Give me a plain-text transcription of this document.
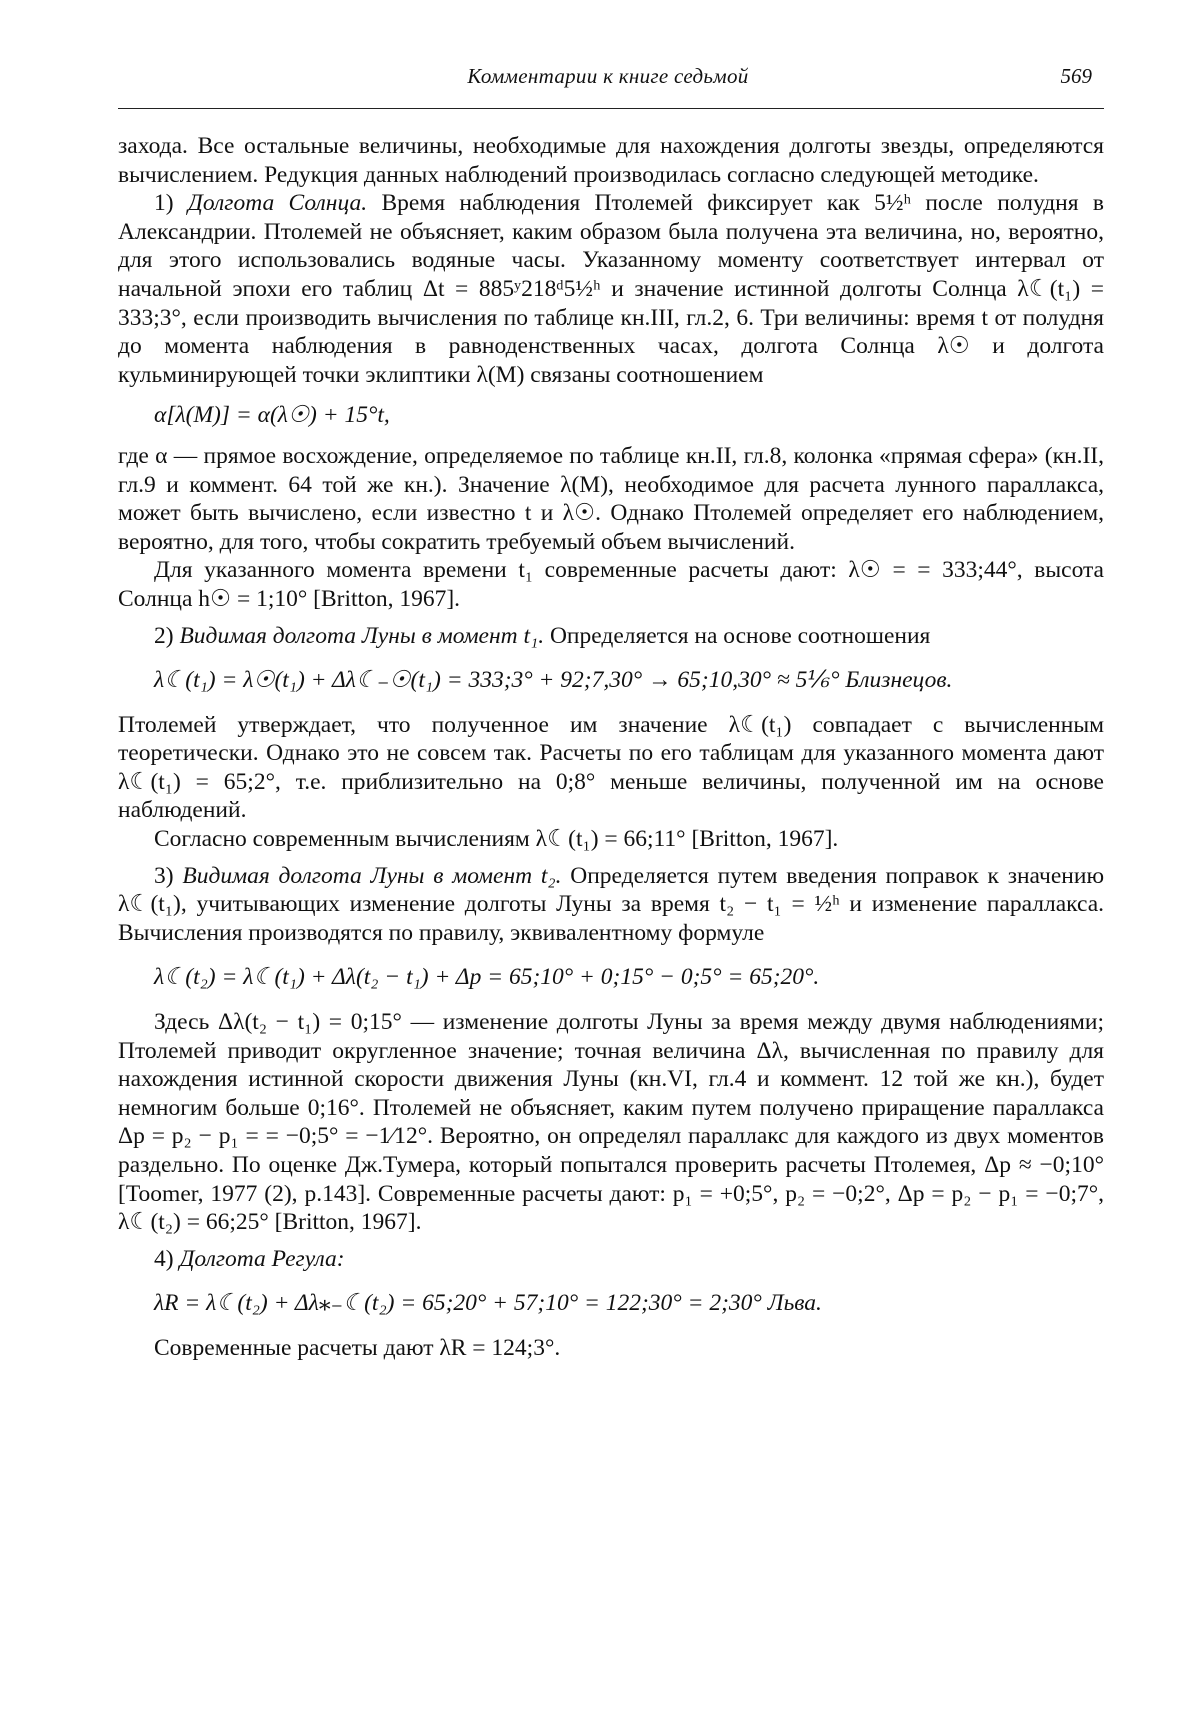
Комментарии к книге седьмой	569

захода. Все остальные величины, необходимые для нахождения долготы звезды, определяются вычислением. Редукция данных наблюдений производилась согласно следующей методике.

1) Долгота Солнца. Время наблюдения Птолемей фиксирует как 5½ʰ после полудня в Александрии. Птолемей не объясняет, каким образом была получена эта величина, но, вероятно, для этого использовались водяные часы. Указанному моменту соответствует интервал от начальной эпохи его таблиц Δt = 885ʸ218ᵈ5½ʰ и значение истинной долготы Солнца λ☾(t₁) = 333;3°, если производить вычисления по таблице кн.III, гл.2, 6. Три величины: время t от полудня до момента наблюдения в равноденственных часах, долгота Солнца λ☉ и долгота кульминирующей точки эклиптики λ(M) связаны соотношением

α[λ(M)] = α(λ☉) + 15°t,

где α — прямое восхождение, определяемое по таблице кн.II, гл.8, колонка «прямая сфера» (кн.II, гл.9 и коммент. 64 той же кн.). Значение λ(M), необходимое для расчета лунного параллакса, может быть вычислено, если известно t и λ☉. Однако Птолемей определяет его наблюдением, вероятно, для того, чтобы сократить требуемый объем вычислений.

Для указанного момента времени t₁ современные расчеты дают: λ☉ = = 333;44°, высота Солнца h☉ = 1;10° [Britton, 1967].

2) Видимая долгота Луны в момент t₁. Определяется на основе соотношения

λ☾(t₁) = λ☉(t₁) + Δλ☾₋☉(t₁) = 333;3° + 92;7,30° → 65;10,30° ≈ 5⅙° Близнецов.

Птолемей утверждает, что полученное им значение λ☾(t₁) совпадает с вычисленным теоретически. Однако это не совсем так. Расчеты по его таблицам для указанного момента дают λ☾(t₁) = 65;2°, т.е. приблизительно на 0;8° меньше величины, полученной им на основе наблюдений.

Согласно современным вычислениям λ☾(t₁) = 66;11° [Britton, 1967].

3) Видимая долгота Луны в момент t₂. Определяется путем введения поправок к значению λ☾(t₁), учитывающих изменение долготы Луны за время t₂ − t₁ = ½ʰ и изменение параллакса. Вычисления производятся по правилу, эквивалентному формуле

λ☾(t₂) = λ☾(t₁) + Δλ(t₂ − t₁) + Δp = 65;10° + 0;15° − 0;5° = 65;20°.

Здесь Δλ(t₂ − t₁) = 0;15° — изменение долготы Луны за время между двумя наблюдениями; Птолемей приводит округленное значение; точная величина Δλ, вычисленная по правилу для нахождения истинной скорости движения Луны (кн.VI, гл.4 и коммент. 12 той же кн.), будет немногим больше 0;16°. Птолемей не объясняет, каким путем получено приращение параллакса Δp = p₂ − p₁ = = −0;5° = −1⁄12°. Вероятно, он определял параллакс для каждого из двух моментов раздельно. По оценке Дж.Тумера, который попытался проверить расчеты Птолемея, Δp ≈ −0;10° [Toomer, 1977 (2), p.143]. Современные расчеты дают: p₁ = +0;5°, p₂ = −0;2°, Δp = p₂ − p₁ = −0;7°, λ☾(t₂) = 66;25° [Britton, 1967].

4) Долгота Регула:

λR = λ☾(t₂) + Δλ⁎₋☾(t₂) = 65;20° + 57;10° = 122;30° = 2;30° Льва.

Современные расчеты дают λR = 124;3°.
